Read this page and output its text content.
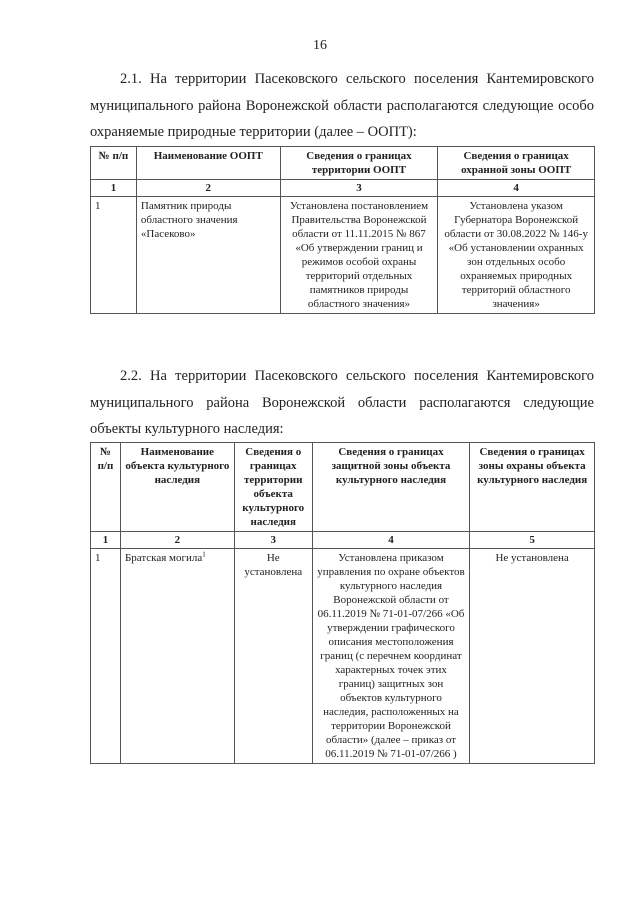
16
2.1. На территории Пасековского сельского поселения Кантемировского муниципального района Воронежской области располагаются следующие особо охраняемые природные территории (далее – ООПТ):
№ п/п	Наименование ООПТ	Сведения о границах территории ООПТ	Сведения о границах охранной зоны ООПТ
1	2	3	4
1	Памятник природы областного значения «Пасеково»	Установлена постановлением Правительства Воронежской области от 11.11.2015 № 867 «Об утверждении границ и режимов особой охраны территорий отдельных памятников природы областного значения»	Установлена указом Губернатора Воронежской области от 30.08.2022 № 146-у «Об установлении охранных зон отдельных особо охраняемых природных территорий областного значения»
2.2. На территории Пасековского сельского поселения Кантемировского муниципального района Воронежской области располагаются следующие объекты культурного наследия:
№ п/п	Наименование объекта культурного наследия	Сведения о границах территории объекта культурного наследия	Сведения о границах защитной зоны объекта культурного наследия	Сведения о границах зоны охраны объекта культурного наследия
1	2	3	4	5
1	Братская могила$^1$	Не установлена	Установлена приказом управления по охране объектов культурного наследия Воронежской области от 06.11.2019 № 71-01-07/266 «Об утверждении графического описания местоположения границ (с перечнем координат характерных точек этих границ) защитных зон объектов культурного наследия, расположенных на территории Воронежской области» (далее – приказ от 06.11.2019 № 71-01-07/266 )	Не установлена
